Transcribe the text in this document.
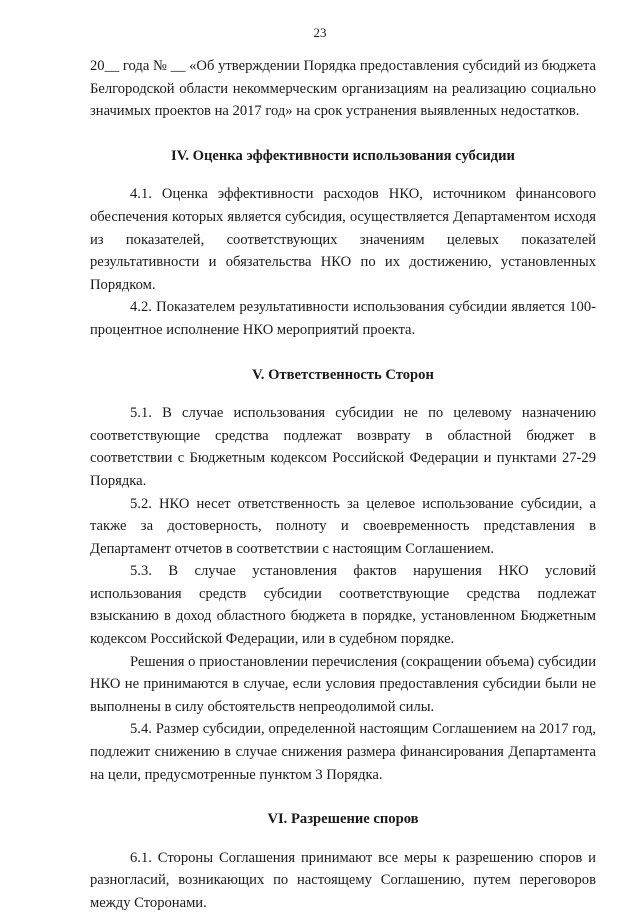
23

20__ года № __ «Об утверждении Порядка предоставления субсидий из бюджета Белгородской области некоммерческим организациям на реализацию социально значимых проектов на 2017 год» на срок устранения выявленных недостатков.

IV. Оценка эффективности использования субсидии

4.1. Оценка эффективности расходов НКО, источником финансового обеспечения которых является субсидия, осуществляется Департаментом исходя из показателей, соответствующих значениям целевых показателей результативности и обязательства НКО по их достижению, установленных Порядком.

4.2. Показателем результативности использования субсидии является 100-процентное исполнение НКО мероприятий проекта.

V. Ответственность Сторон

5.1. В случае использования субсидии не по целевому назначению соответствующие средства подлежат возврату в областной бюджет в соответствии с Бюджетным кодексом Российской Федерации и пунктами 27-29 Порядка.

5.2. НКО несет ответственность за целевое использование субсидии, а также за достоверность, полноту и своевременность представления в Департамент отчетов в соответствии с настоящим Соглашением.

5.3. В случае установления фактов нарушения НКО условий использования средств субсидии соответствующие средства подлежат взысканию в доход областного бюджета в порядке, установленном Бюджетным кодексом Российской Федерации, или в судебном порядке.

Решения о приостановлении перечисления (сокращении объема) субсидии НКО не принимаются в случае, если условия предоставления субсидии были не выполнены в силу обстоятельств непреодолимой силы.

5.4. Размер субсидии, определенной настоящим Соглашением на 2017 год, подлежит снижению в случае снижения размера финансирования Департамента на цели, предусмотренные пунктом 3 Порядка.

VI. Разрешение споров

6.1. Стороны Соглашения принимают все меры к разрешению споров и разногласий, возникающих по настоящему Соглашению, путем переговоров между Сторонами.
